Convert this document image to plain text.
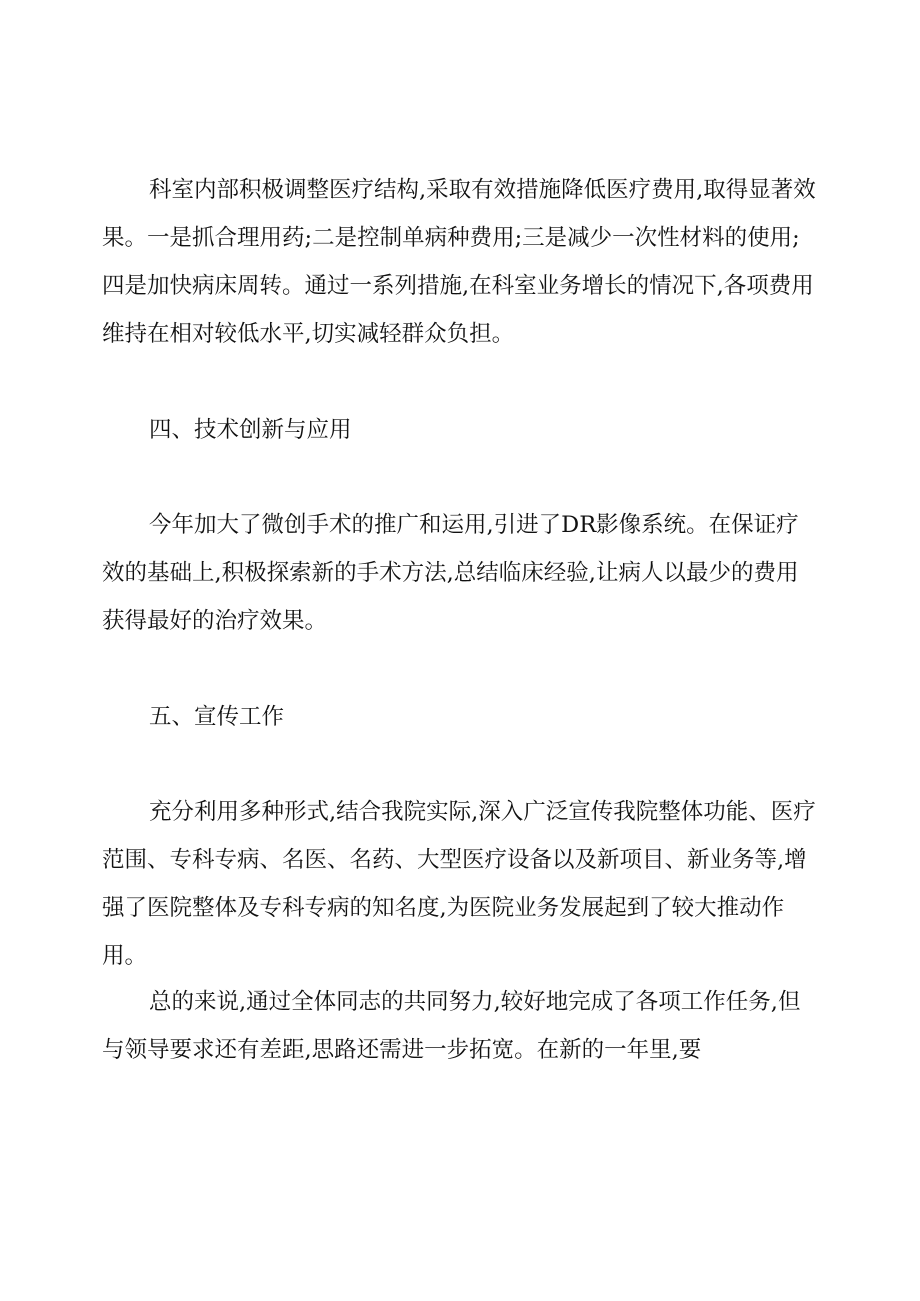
科室内部积极调整医疗结构,采取有效措施降低医疗费用,取得显著效果。一是抓合理用药;二是控制单病种费用;三是减少一次性材料的使用;四是加快病床周转。通过一系列措施,在科室业务增长的情况下,各项费用维持在相对较低水平,切实减轻群众负担。

四、技术创新与应用

今年加大了微创手术的推广和运用,引进了DR影像系统。在保证疗效的基础上,积极探索新的手术方法,总结临床经验,让病人以最少的费用获得最好的治疗效果。

五、宣传工作

充分利用多种形式,结合我院实际,深入广泛宣传我院整体功能、医疗范围、专科专病、名医、名药、大型医疗设备以及新项目、新业务等,增强了医院整体及专科专病的知名度,为医院业务发展起到了较大推动作用。

总的来说,通过全体同志的共同努力,较好地完成了各项工作任务,但与领导要求还有差距,思路还需进一步拓宽。在新的一年里,要
